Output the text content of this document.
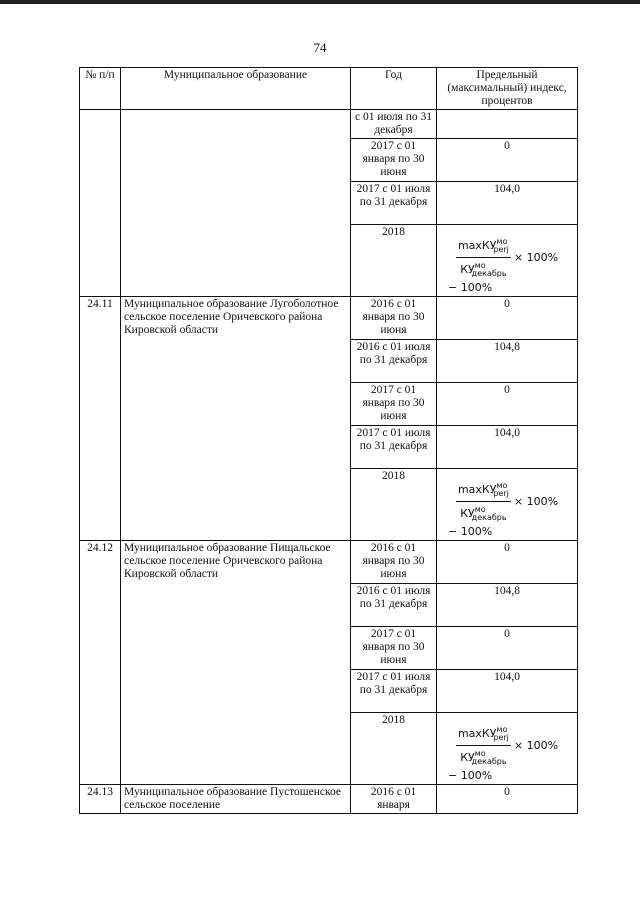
74
№ п/п	Муниципальное образование	Год	Предельный (максимальный) индекс, процентов
		с 01 июля по 31 декабря	
		2017 с 01 января по 30 июня	0
		2017 с 01 июля по 31 декабря	104,0
		2018	$\frac{\max КУ^{мо}_{perj}}{КУ^{мо}_{декабрь}} \times 100\%$
− 100%

24.11	Муниципальное образование Лугоболотное сельское поселение Оричевского района Кировской области	2016 с 01 января по 30 июня	0
		2016 с 01 июля по 31 декабря	104,8
		2017 с 01 января по 30 июня	0
		2017 с 01 июля по 31 декабря	104,0
		2018	$\frac{\max КУ^{мо}_{perj}}{КУ^{мо}_{декабрь}} \times 100\%$
− 100%

24.12	Муниципальное образование Пищальское сельское поселение Оричевского района Кировской области	2016 с 01 января по 30 июня	0
		2016 с 01 июля по 31 декабря	104,8
		2017 с 01 января по 30 июня	0
		2017 с 01 июля по 31 декабря	104,0
		2018	$\frac{\max КУ^{мо}_{perj}}{КУ^{мо}_{декабрь}} \times 100\%$
− 100%

24.13	Муниципальное образование Пустошенское сельское поселение	2016 с 01 января	0
